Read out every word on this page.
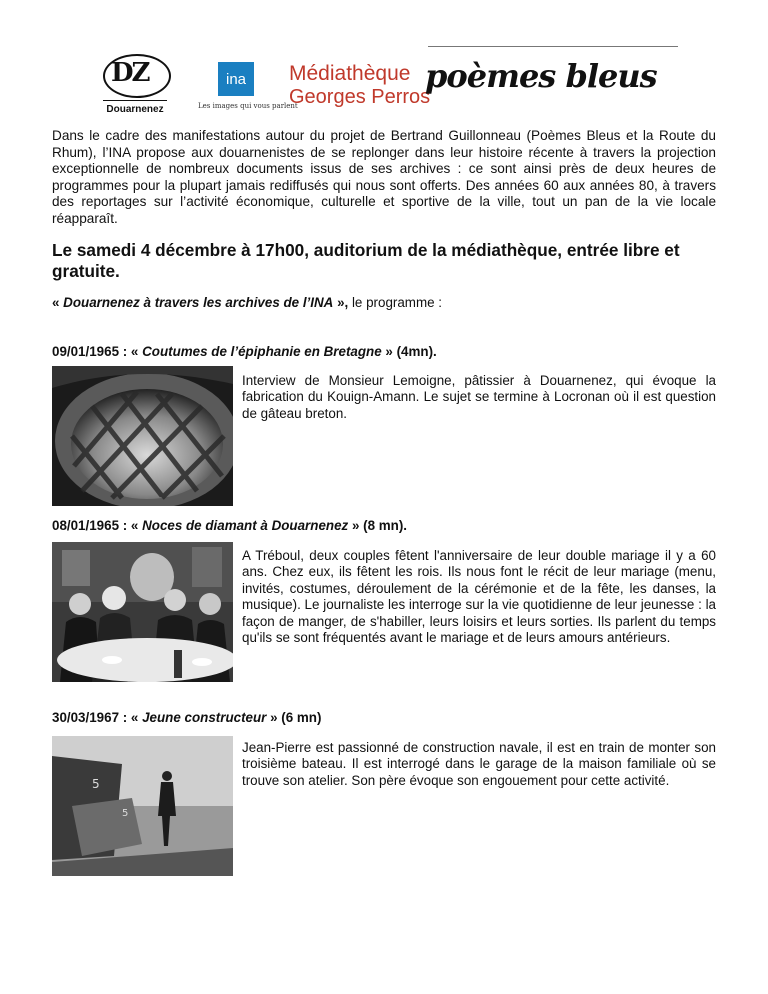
DZ
Douarnenez
ina
Les images qui vous parlent
Médiathèque
Georges Perros
poèmes bleus

Dans le cadre des manifestations autour du projet de Bertrand Guillonneau (Poèmes Bleus et la Route du Rhum), l’INA propose aux douarnenistes de se replonger dans leur histoire récente à travers la projection exceptionnelle de nombreux documents issus de ses archives : ce sont ainsi près de deux heures de programmes pour la plupart jamais rediffusés qui nous sont offerts. Des années 60 aux années 80, à travers des reportages sur l’activité économique, culturelle et sportive de la ville, tout un pan de la vie locale réapparaît.

Le samedi 4 décembre à 17h00, auditorium de la médiathèque, entrée libre et gratuite.

« Douarnenez à travers les archives de l’INA », le programme :

09/01/1965 : « Coutumes de l’épiphanie en Bretagne » (4mn).

Interview de Monsieur Lemoigne, pâtissier à Douarnenez, qui évoque la fabrication du Kouign-Amann. Le sujet se termine à Locronan où il est question de gâteau breton.

08/01/1965 : « Noces de diamant à Douarnenez » (8 mn).

A Tréboul, deux couples fêtent l'anniversaire de leur double mariage il y a 60 ans. Chez eux, ils fêtent les rois. Ils nous font le récit de leur mariage (menu, invités, costumes, déroulement de la cérémonie et de la fête, les danses, la musique). Le journaliste les interroge sur la vie quotidienne de leur jeunesse : la façon de manger, de s'habiller, leurs loisirs et leurs sorties. Ils parlent du temps qu'ils se sont fréquentés avant le mariage et de leurs amours antérieurs.

30/03/1967 : « Jeune constructeur » (6 mn)

5
5

Jean-Pierre est passionné de construction navale, il est en train de monter son troisième bateau. Il est interrogé dans le garage de la maison familiale où se trouve son atelier. Son père évoque son engouement pour cette activité.
